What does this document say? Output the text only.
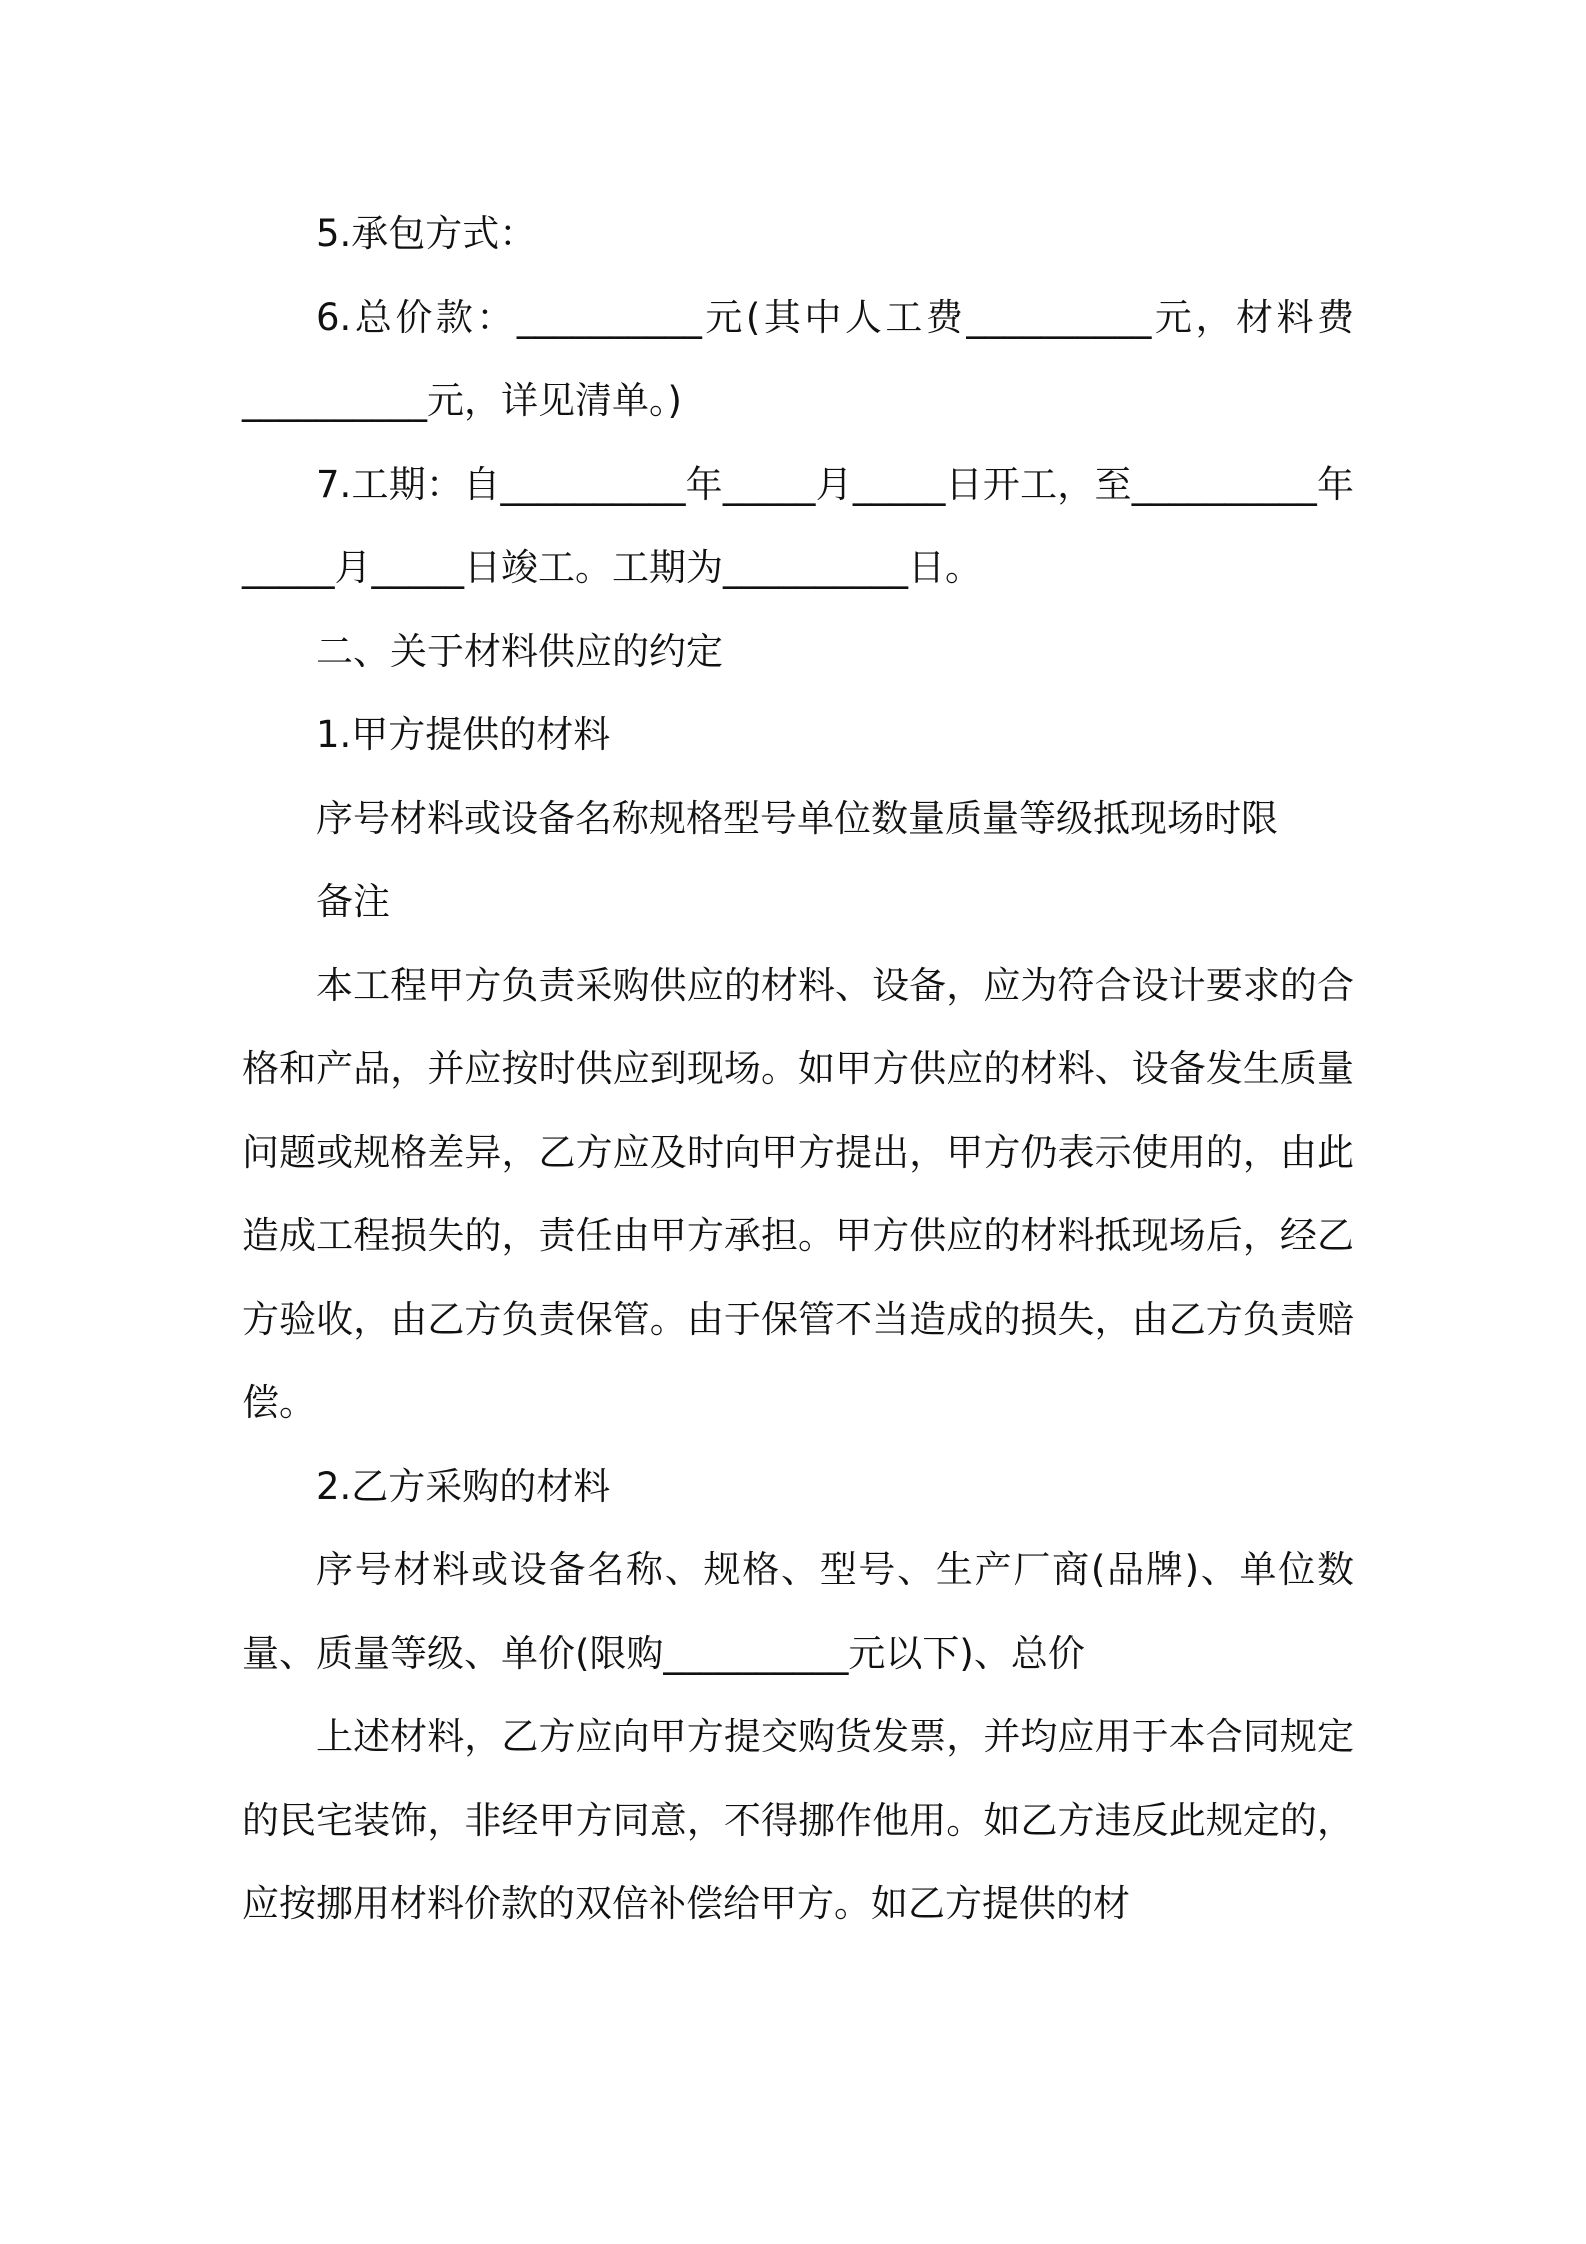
5.承包方式：

6.总价款：__________元(其中人工费__________元，材料费__________元，详见清单。)

7.工期：自__________年_____月_____日开工，至__________年_____月_____日竣工。工期为__________日。

二、关于材料供应的约定

1.甲方提供的材料

序号材料或设备名称规格型号单位数量质量等级抵现场时限

备注

本工程甲方负责采购供应的材料、设备，应为符合设计要求的合格和产品，并应按时供应到现场。如甲方供应的材料、设备发生质量问题或规格差异，乙方应及时向甲方提出，甲方仍表示使用的，由此造成工程损失的，责任由甲方承担。甲方供应的材料抵现场后，经乙方验收，由乙方负责保管。由于保管不当造成的损失，由乙方负责赔偿。

2.乙方采购的材料

序号材料或设备名称、规格、型号、生产厂商(品牌)、单位数量、质量等级、单价(限购__________元以下)、总价

上述材料，乙方应向甲方提交购货发票，并均应用于本合同规定的民宅装饰，非经甲方同意，不得挪作他用。如乙方违反此规定的，应按挪用材料价款的双倍补偿给甲方。如乙方提供的材
